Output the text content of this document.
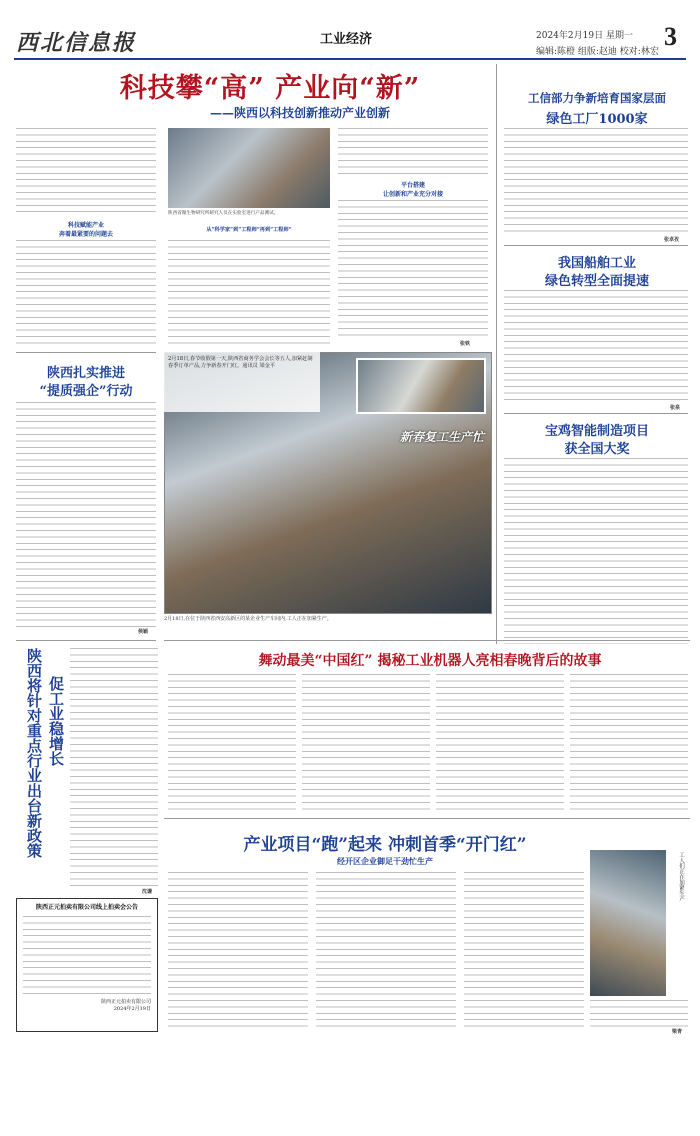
西北信息报	工业经济	2024年2月19日 星期一 3
编辑:陈橙 组版:赵迪 校对:林宏
科技攀“高” 产业向“新”
——陕西以科技创新推动产业创新
陕西省微生物研究所研究人员在实验室进行产品测试。
科技赋能产业
奔着最紧要的问题去
从“科学家”到“工程师”再到“工程师”
平台搭建
让创新和产业充分对接
张铁
工信部力争新培育国家层面
绿色工厂1000家
张卓孜
我国船舶工业
绿色转型全面提速
张泉
宝鸡智能制造项目
获全国大奖
陕西扎实推进
“提质强企”行动
侯颖
2月18日,春节收假第一天,陕西省商务学会会长等五人,加紧赶制春季订单产品,力争新春开门红。通讯员 梁金平
新春复工生产忙
2月18日,在位于陕西省西安高新区的某企业生产车间内,工人正在加紧生产。
舞动最美“中国红” 揭秘工业机器人亮相春晚背后的故事
陕西将针对重点行业出台新政策 促工业稳增长
沈谦
陕西正元拍卖有限公司线上拍卖会公告
陕西正元拍卖有限公司
2024年2月19日
产业项目“跑”起来 冲刺首季“开门红”
经开区企业御足干劲忙生产	工人们正在加紧生产
梁青
